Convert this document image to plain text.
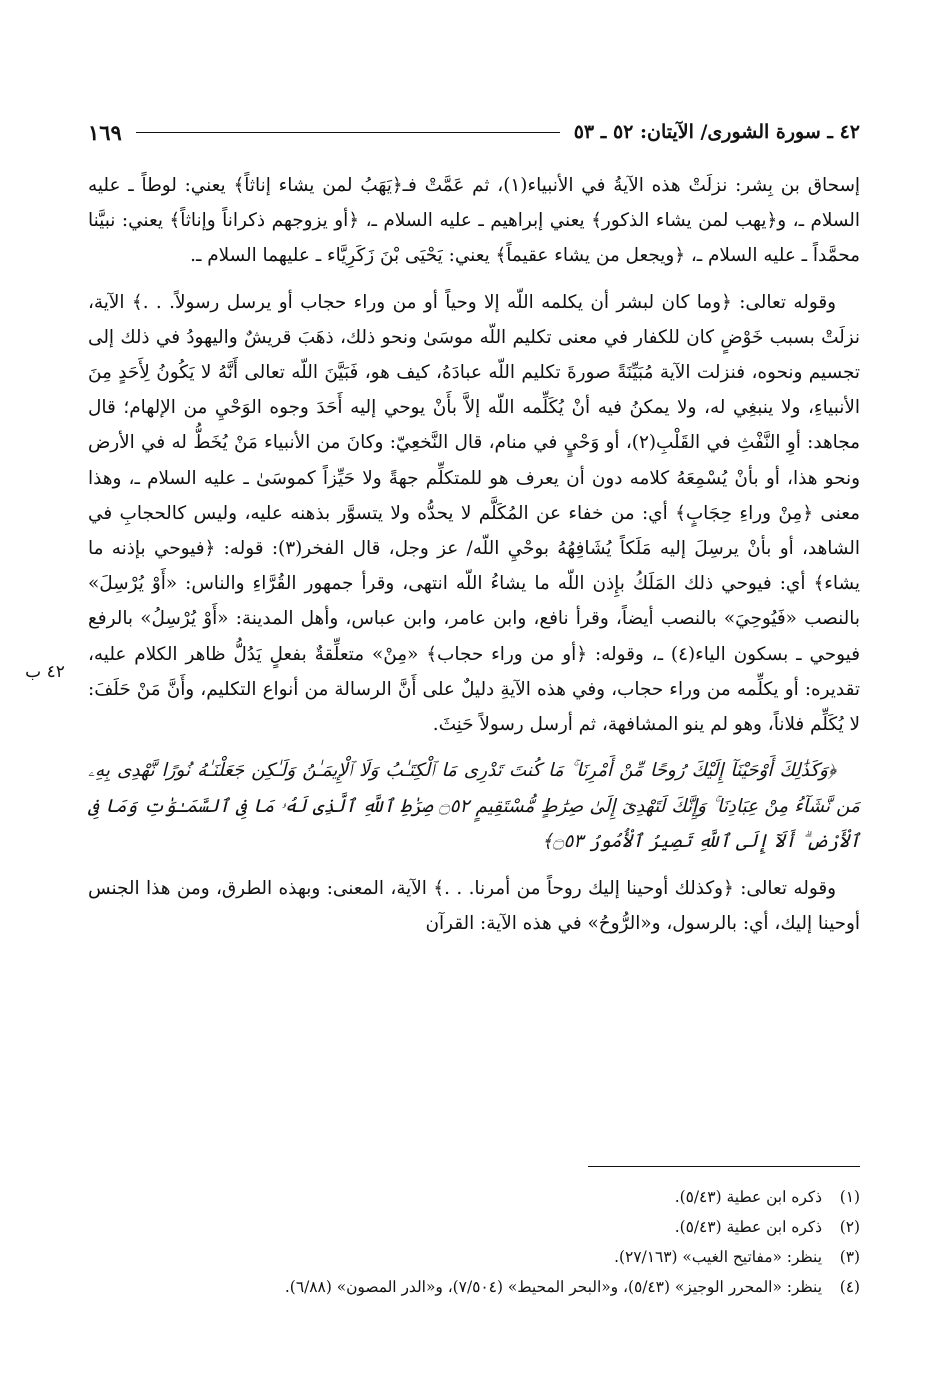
٤٢ ـ سورة الشورى/ الآيتان: ٥٢ ـ ٥٣
١٦٩

إسحاق بن بِشر: نزلَتْ هذه الآيةُ في الأنبياء(١)، ثم عَمَّتْ فـ﴿يَهَبُ لمن يشاء إناثاً﴾ يعني: لوطاً ـ عليه السلام ـ، و﴿يهب لمن يشاء الذكور﴾ يعني إبراهيم ـ عليه السلام ـ، ﴿أو يزوجهم ذكراناً وإناثاً﴾ يعني: نبيَّنا محمَّداً ـ عليه السلام ـ، ﴿ويجعل من يشاء عقيماً﴾ يعني: يَحْيَى بْنَ زَكَرِيَّاء ـ عليهما السلام ـ.

وقوله تعالى: ﴿وما كان لبشر أن يكلمه اللّه إلا وحياً أو من وراء حجاب أو يرسل رسولاً. . .﴾ الآية، نزلَتْ بسبب خَوْضٍ كان للكفار في معنى تكليم اللّه موسَىٰ ونحو ذلك، ذهَبَ قريشٌ واليهودُ في ذلك إلى تجسيم ونحوه، فنزلت الآية مُبَيِّنَةً صورةَ تكليم اللّه عبادَهُ، كيف هو، فَبَيَّنَ اللّه تعالى أَنَّهُ لا يَكُونُ لِأَحَدٍ مِنَ الأنبياءِ، ولا ينبغِي له، ولا يمكنُ فيه أنْ يُكَلِّمه اللّه إلاَّ بأَنْ يوحي إليه أَحَدَ وجوه الوَحْيِ من الإلهام؛ قال مجاهد: أوِ النَّفْثِ في القَلْبِ(٢)، أو وَحْيٍ في منام، قال النَّخعِيّ: وكانَ من الأنبياء مَنْ يُخَطُّ له في الأرض ونحو هذا، أو بأنْ يُسْمِعَهُ كلامه دون أن يعرف هو للمتكلِّم جهةً ولا حَيِّزاً كموسَىٰ ـ عليه السلام ـ، وهذا معنى ﴿مِنْ وراءِ حِجَابٍ﴾ أي: من خفاء عن المُكَلَّم لا يحدُّه ولا يتسوَّر بذهنه عليه، وليس كالحجابِ في الشاهد، أو بأنْ يرسِلَ إليه مَلَكاً يُشَافِهُهُ بوحْيِ اللّه/ عز وجل، قال الفخر(٣): قوله: ﴿فيوحي بإذنه ما يشاء﴾ أي: فيوحي ذلك المَلَكُ بإِذن اللّه ما يشاءُ اللّه انتهى، وقرأ جمهور القُرَّاءِ والناس: «أَوْ يُرْسِلَ» بالنصب «فَيُوحِيَ» بالنصب أيضاً، وقرأ نافع، وابن عامر، وابن عباس، وأهل المدينة: «أَوْ يُرْسِلُ» بالرفع فيوحي ـ بسكون الياء(٤) ـ، وقوله: ﴿أو من وراء حجاب﴾ «مِنْ» متعلِّقةٌ بفعلٍ يَدُلُّ ظاهر الكلام عليه، تقديره: أو يكلِّمه من وراء حجاب، وفي هذه الآيةِ دليلٌ على أَنَّ الرسالة من أنواع التكليم، وأَنَّ مَنْ حَلَفَ: لا يُكَلِّم فلاناً، وهو لم ينو المشافهة، ثم أرسل رسولاً حَنِثَ.

﴿وَكَذَٰلِكَ أَوْحَيْنَآ إِلَيْكَ رُوحًا مِّنْ أَمْرِنَا ۚ مَا كُنتَ تَدْرِى مَا ٱلْكِتَـٰبُ وَلَا ٱلْإِيمَـٰنُ وَلَـٰكِن جَعَلْنَـٰهُ نُورًا نَّهْدِى بِهِۦ مَن نَّشَآءُ مِنْ عِبَادِنَا ۚ وَإِنَّكَ لَتَهْدِىٓ إِلَىٰ صِرَٰطٍ مُّسْتَقِيمٍ ۝٥٢ صِرَٰطِ ٱللَّهِ ٱلَّذِى لَهُۥ مَا فِى ٱلسَّمَـٰوَٰتِ وَمَا فِى ٱلْأَرْضِ ۗ أَلَآ إِلَى ٱللَّهِ تَصِيرُ ٱلْأُمُورُ ۝٥٣﴾

وقوله تعالى: ﴿وكذلك أوحينا إليك روحاً من أمرنا. . .﴾ الآية، المعنى: وبهذه الطرق، ومن هذا الجنس أوحينا إليك، أي: بالرسول، و«الرُّوحُ» في هذه الآية: القرآن

٤٢ ب
(١)
ذكره ابن عطية (٥/٤٣).
(٢)
ذكره ابن عطية (٥/٤٣).
(٣)
ينظر: «مفاتيح الغيب» (٢٧/١٦٣).
(٤)
ينظر: «المحرر الوجيز» (٥/٤٣)، و«البحر المحيط» (٧/٥٠٤)، و«الدر المصون» (٦/٨٨).
